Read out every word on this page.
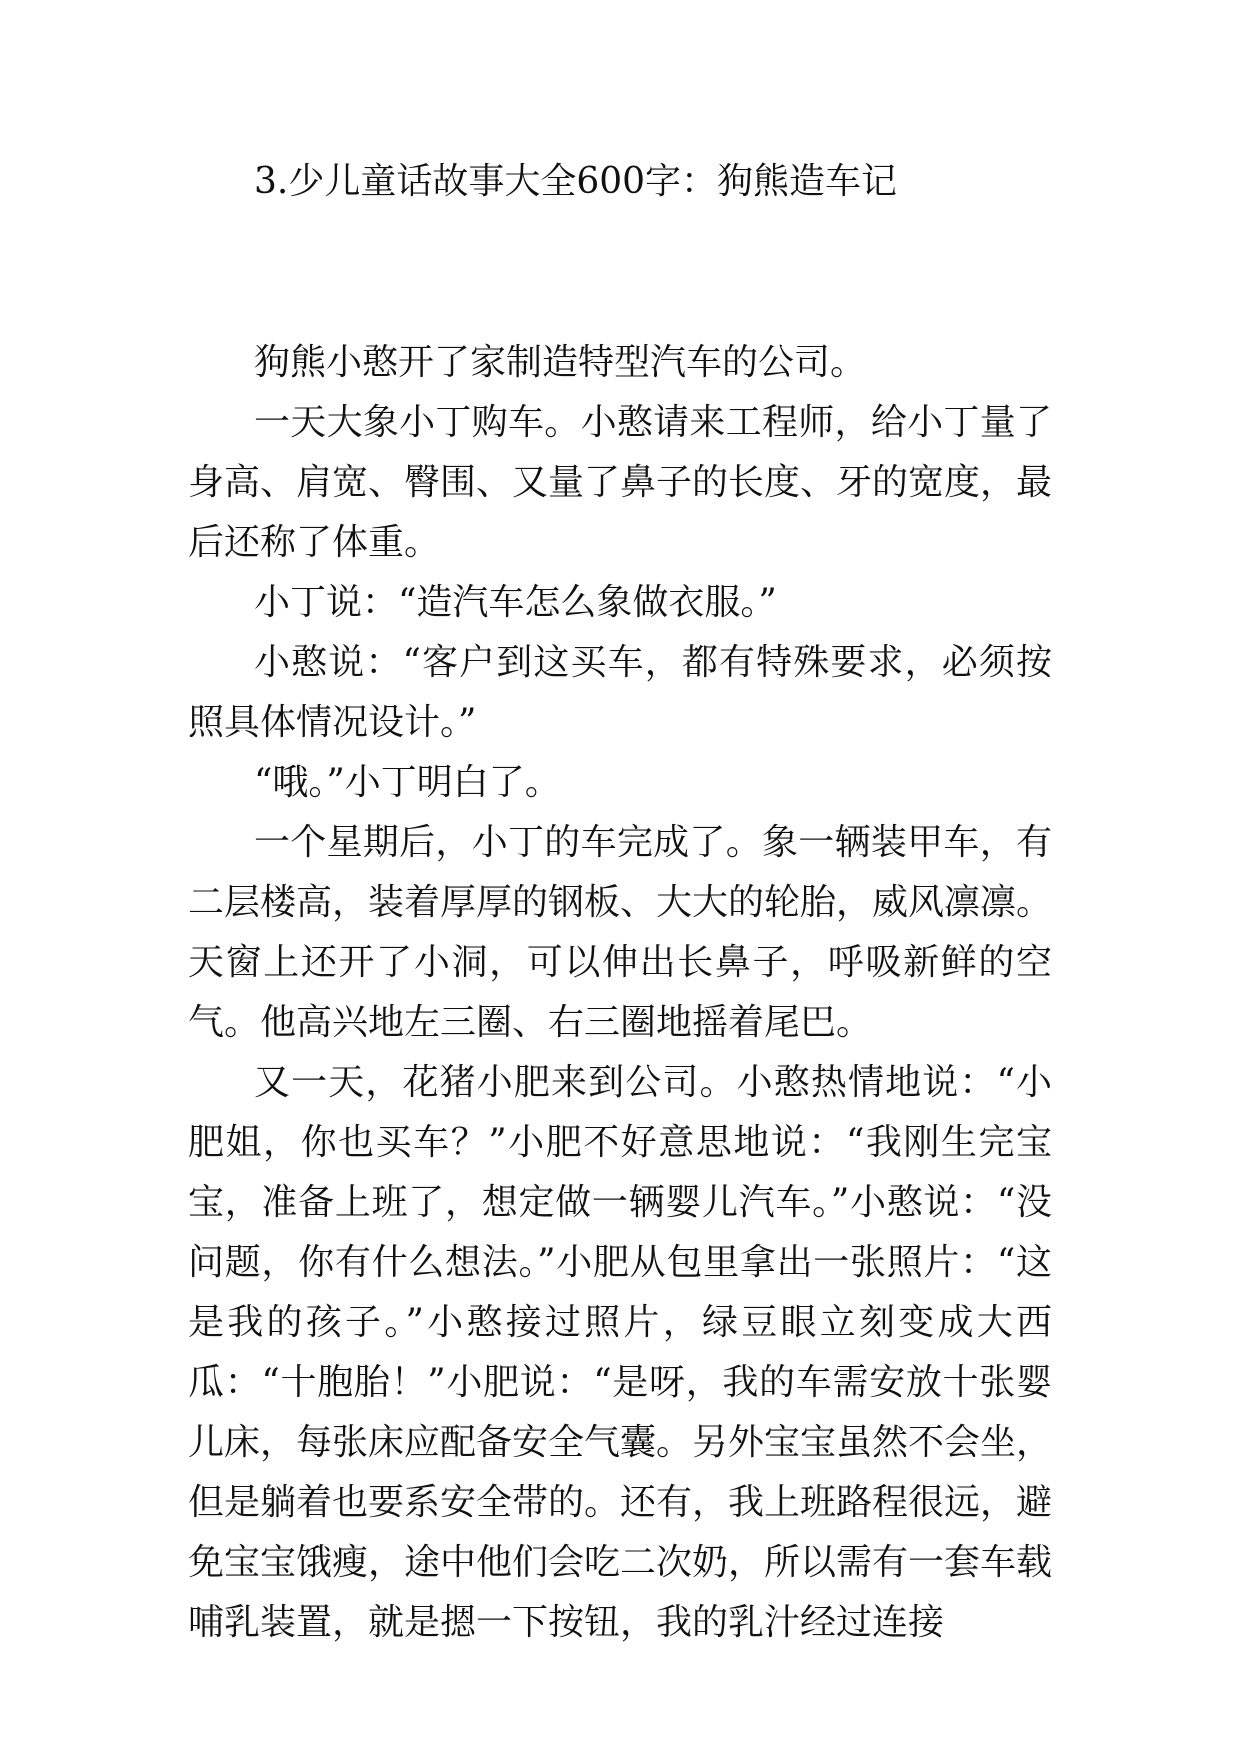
3.少儿童话故事大全600字：狗熊造车记

狗熊小憨开了家制造特型汽车的公司。

一天大象小丁购车。小憨请来工程师，给小丁量了身高、肩宽、臀围、又量了鼻子的长度、牙的宽度，最后还称了体重。

小丁说：“造汽车怎么象做衣服。”

小憨说：“客户到这买车，都有特殊要求，必须按照具体情况设计。”

“哦。”小丁明白了。

一个星期后，小丁的车完成了。象一辆装甲车，有二层楼高，装着厚厚的钢板、大大的轮胎，威风凛凛。天窗上还开了小洞，可以伸出长鼻子，呼吸新鲜的空气。他高兴地左三圈、右三圈地摇着尾巴。

又一天，花猪小肥来到公司。小憨热情地说：“小肥姐，你也买车？”小肥不好意思地说：“我刚生完宝宝，准备上班了，想定做一辆婴儿汽车。”小憨说：“没问题，你有什么想法。”小肥从包里拿出一张照片：“这是我的孩子。”小憨接过照片，绿豆眼立刻变成大西瓜：“十胞胎！”小肥说：“是呀，我的车需安放十张婴儿床，每张床应配备安全气囊。另外宝宝虽然不会坐，但是躺着也要系安全带的。还有，我上班路程很远，避免宝宝饿瘦，途中他们会吃二次奶，所以需有一套车载哺乳装置，就是摁一下按钮，我的乳汁经过连接
